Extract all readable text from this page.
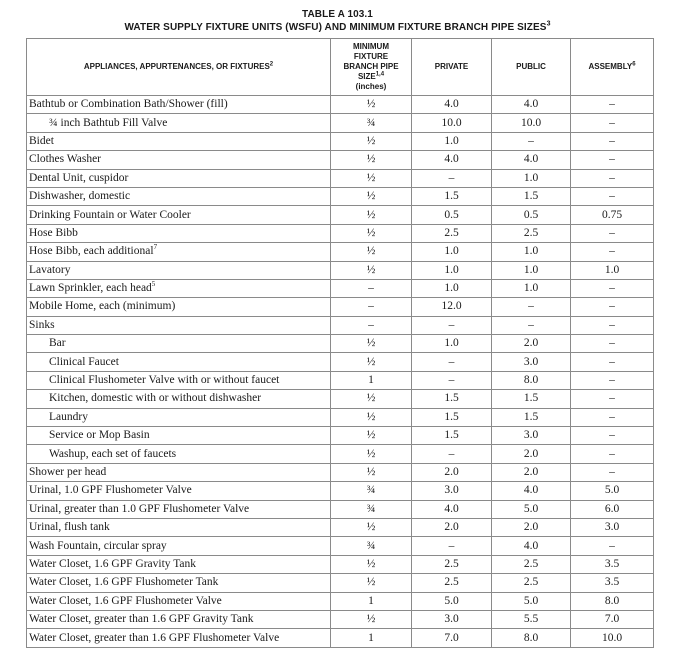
TABLE A 103.1
WATER SUPPLY FIXTURE UNITS (WSFU) AND MINIMUM FIXTURE BRANCH PIPE SIZES$^3$
APPLIANCES, APPURTENANCES, OR FIXTURES$^2$	MINIMUM
FIXTURE
BRANCH PIPE
SIZE$^{1,4}$
(inches)	PRIVATE	PUBLIC	ASSEMBLY$^6$
Bathtub or Combination Bath/Shower (fill)	½	4.0	4.0	–
¾ inch Bathtub Fill Valve	¾	10.0	10.0	–
Bidet	½	1.0	–	–
Clothes Washer	½	4.0	4.0	–
Dental Unit, cuspidor	½	–	1.0	–
Dishwasher, domestic	½	1.5	1.5	–
Drinking Fountain or Water Cooler	½	0.5	0.5	0.75
Hose Bibb	½	2.5	2.5	–
Hose Bibb, each additional$^7$	½	1.0	1.0	–
Lavatory	½	1.0	1.0	1.0
Lawn Sprinkler, each head$^5$	–	1.0	1.0	–
Mobile Home, each (minimum)	–	12.0	–	–
Sinks	–	–	–	–
Bar	½	1.0	2.0	–
Clinical Faucet	½	–	3.0	–
Clinical Flushometer Valve with or without faucet	1	–	8.0	–
Kitchen, domestic with or without dishwasher	½	1.5	1.5	–
Laundry	½	1.5	1.5	–
Service or Mop Basin	½	1.5	3.0	–
Washup, each set of faucets	½	–	2.0	–
Shower per head	½	2.0	2.0	–
Urinal, 1.0 GPF Flushometer Valve	¾	3.0	4.0	5.0
Urinal, greater than 1.0 GPF Flushometer Valve	¾	4.0	5.0	6.0
Urinal, flush tank	½	2.0	2.0	3.0
Wash Fountain, circular spray	¾	–	4.0	–
Water Closet, 1.6 GPF Gravity Tank	½	2.5	2.5	3.5
Water Closet, 1.6 GPF Flushometer Tank	½	2.5	2.5	3.5
Water Closet, 1.6 GPF Flushometer Valve	1	5.0	5.0	8.0
Water Closet, greater than 1.6 GPF Gravity Tank	½	3.0	5.5	7.0
Water Closet, greater than 1.6 GPF Flushometer Valve	1	7.0	8.0	10.0
